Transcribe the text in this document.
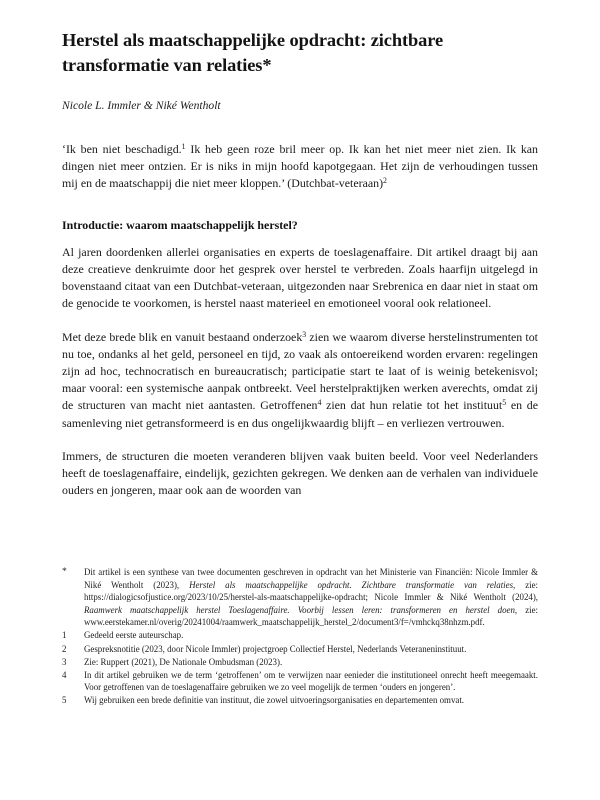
Herstel als maatschappelijke opdracht: zichtbare transformatie van relaties*

Nicole L. Immler & Niké Wentholt

‘Ik ben niet beschadigd.$^1$ Ik heb geen roze bril meer op. Ik kan het niet meer niet zien. Ik kan dingen niet meer ontzien. Er is niks in mijn hoofd kapotgegaan. Het zijn de verhoudingen tussen mij en de maatschappij die niet meer kloppen.’ (Dutchbat-veteraan)$^2$

Introductie: waarom maatschappelijk herstel?

Al jaren doordenken allerlei organisaties en experts de toeslagenaffaire. Dit artikel draagt bij aan deze creatieve denkruimte door het gesprek over herstel te verbreden. Zoals haarfijn uitgelegd in bovenstaand citaat van een Dutchbat-veteraan, uitgezonden naar Srebrenica en daar niet in staat om de genocide te voorkomen, is herstel naast materieel en emotioneel vooral ook relationeel.

Met deze brede blik en vanuit bestaand onderzoek$^3$ zien we waarom diverse herstelinstrumenten tot nu toe, ondanks al het geld, personeel en tijd, zo vaak als ontoereikend worden ervaren: regelingen zijn ad hoc, technocratisch en bureaucratisch; participatie start te laat of is weinig betekenisvol; maar vooral: een systemische aanpak ontbreekt. Veel herstelpraktijken werken averechts, omdat zij de structuren van macht niet aantasten. Getroffenen$^4$ zien dat hun relatie tot het instituut$^5$ en de samenleving niet getransformeerd is en dus ongelijkwaardig blijft – en verliezen vertrouwen.

Immers, de structuren die moeten veranderen blijven vaak buiten beeld. Voor veel Nederlanders heeft de toeslagenaffaire, eindelijk, gezichten gekregen. We denken aan de verhalen van individuele ouders en jongeren, maar ook aan de woorden van

*	Dit artikel is een synthese van twee documenten geschreven in opdracht van het Ministerie van Financiën: Nicole Immler & Niké Wentholt (2023), Herstel als maatschappelijke opdracht. Zichtbare transformatie van relaties, zie: https://dialogicsofjustice.org/2023/10/25/herstel-als-maatschappelijke-opdracht; Nicole Immler & Niké Wentholt (2024), Raamwerk maatschappelijk herstel Toeslagenaffaire. Voorbij lessen leren: transformeren en herstel doen, zie: www.eerstekamer.nl/overig/20241004/raamwerk_maatschappelijk_herstel_2/document3/f=/vmhckq38nhzm.pdf.
1	Gedeeld eerste auteurschap.
2	Gespreksnotitie (2023, door Nicole Immler) projectgroep Collectief Herstel, Nederlands Veteraneninstituut.
3	Zie: Ruppert (2021), De Nationale Ombudsman (2023).
4	In dit artikel gebruiken we de term ‘getroffenen’ om te verwijzen naar eenieder die institutioneel onrecht heeft meegemaakt. Voor getroffenen van de toeslagenaffaire gebruiken we zo veel mogelijk de termen ‘ouders en jongeren’.
5	Wij gebruiken een brede definitie van instituut, die zowel uitvoeringsorganisaties en departementen omvat.
